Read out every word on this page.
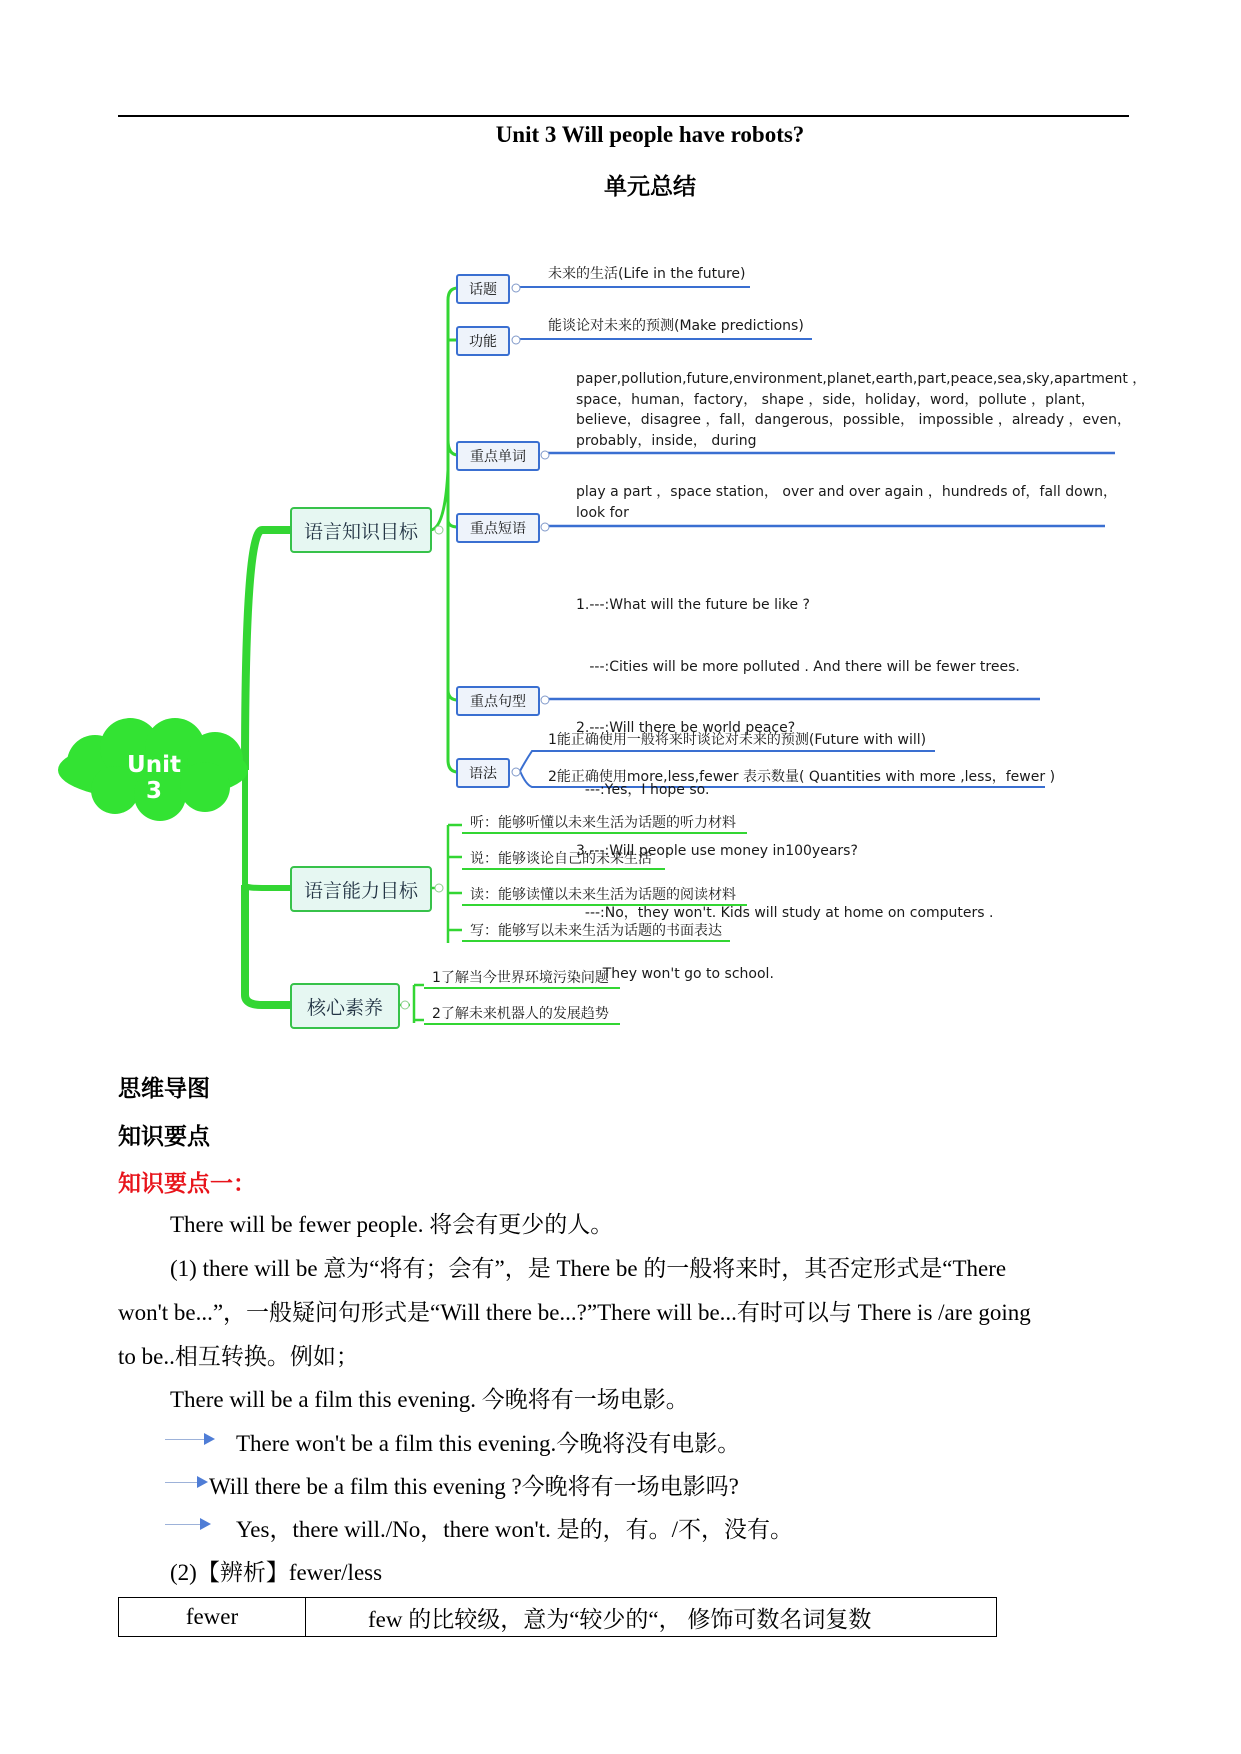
Unit 3 Will people have robots?
单元总结
Unit 3
语言知识目标
语言能力目标
核心素养
话题
功能
重点单词
重点短语
重点句型
语法
未来的生活(Life in the future)
能谈论对未来的预测(Make predictions)
paper,pollution,future,environment,planet,earth,part,peace,sea,sky,apartment ，
space，human，factory， shape ，side，holiday，word，pollute ，plant，
believe，disagree ，fall，dangerous，possible， impossible ，already ，even，
probably，inside， during
play a part ，space station， over and over again ，hundreds of，fall down，
look for

1.---:What will the future be like ?

---:Cities will be more polluted . And there will be fewer trees.

2.---:Will there be world peace?

---:Yes，I hope so.

3.---:Will people use money in100years?

---:No，they won't. Kids will study at home on computers .

They won't go to school.

1能正确使用一般将来时谈论对未来的预测(Future with will)
2能正确使用more,less,fewer 表示数量( Quantities with more ,less，fewer )
听：能够听懂以未来生活为话题的听力材料
说：能够谈论自己的未来生活
读：能够读懂以未来生活为话题的阅读材料
写：能够写以未来生活为话题的书面表达
1了解当今世界环境污染问题
2了解未来机器人的发展趋势
思维导图
知识要点
知识要点一：
There will be fewer people. 将会有更少的人。
(1) there will be 意为“将有；会有”，是 There be 的一般将来时，其否定形式是“There
won't be...”，一般疑问句形式是“Will there be...?”There will be...有时可以与 There is /are going
to be..相互转换。例如；
There will be a film this evening. 今晚将有一场电影。
There won't be a film this evening.今晚将没有电影。
Will there be a film this evening ?今晚将有一场电影吗?
Yes，there will./No，there won't. 是的，有。/不，没有。
(2)【辨析】fewer/less
fewer	few 的比较级，意为“较少的“， 修饰可数名词复数
